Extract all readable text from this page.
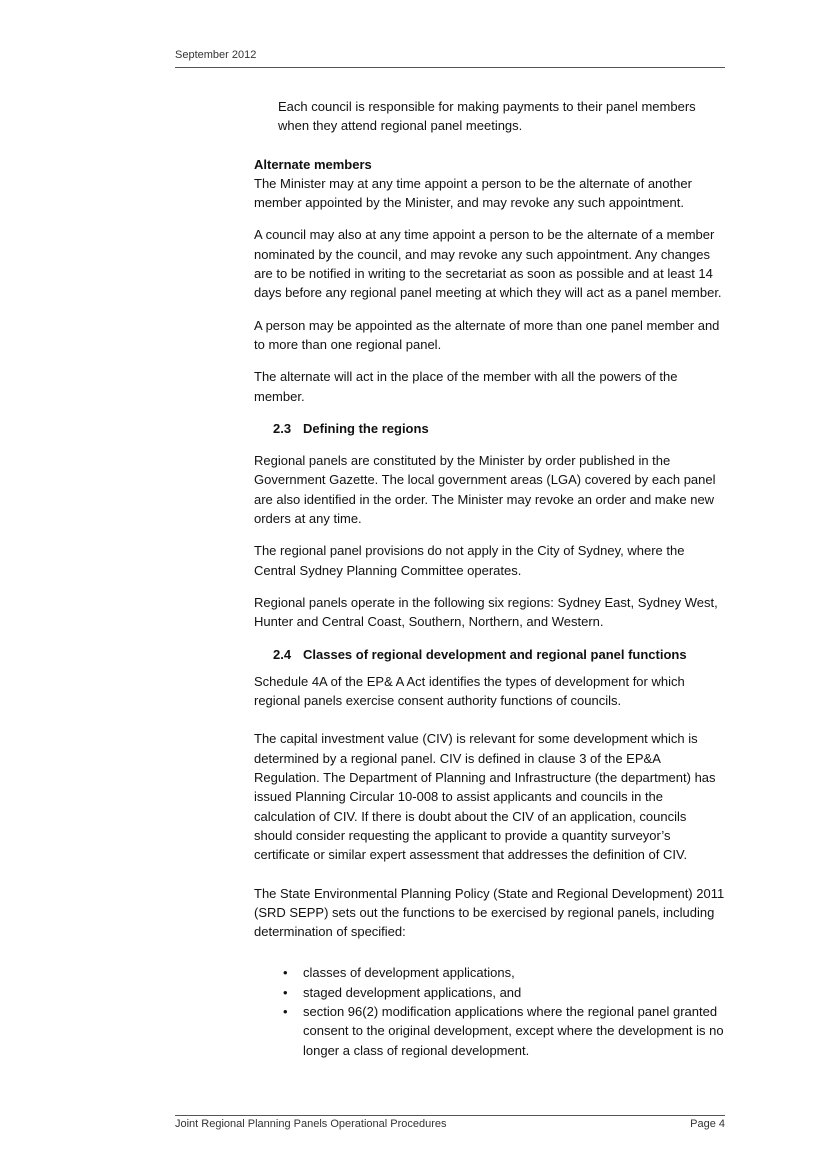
September 2012

Each council is responsible for making payments to their panel members when they attend regional panel meetings.

Alternate members

The Minister may at any time appoint a person to be the alternate of another member appointed by the Minister, and may revoke any such appointment.

A council may also at any time appoint a person to be the alternate of a member nominated by the council, and may revoke any such appointment. Any changes are to be notified in writing to the secretariat as soon as possible and at least 14 days before any regional panel meeting at which they will act as a panel member.

A person may be appointed as the alternate of more than one panel member and to more than one regional panel.

The alternate will act in the place of the member with all the powers of the member.

2.3 Defining the regions

Regional panels are constituted by the Minister by order published in the Government Gazette. The local government areas (LGA) covered by each panel are also identified in the order. The Minister may revoke an order and make new orders at any time.

The regional panel provisions do not apply in the City of Sydney, where the Central Sydney Planning Committee operates.

Regional panels operate in the following six regions: Sydney East, Sydney West, Hunter and Central Coast, Southern, Northern, and Western.

2.4 Classes of regional development and regional panel functions

Schedule 4A of the EP& A Act identifies the types of development for which regional panels exercise consent authority functions of councils.

The capital investment value (CIV) is relevant for some development which is determined by a regional panel. CIV is defined in clause 3 of the EP&A Regulation. The Department of Planning and Infrastructure (the department) has issued Planning Circular 10-008 to assist applicants and councils in the calculation of CIV. If there is doubt about the CIV of an application, councils should consider requesting the applicant to provide a quantity surveyor’s certificate or similar expert assessment that addresses the definition of CIV.

The State Environmental Planning Policy (State and Regional Development) 2011 (SRD SEPP) sets out the functions to be exercised by regional panels, including determination of specified:

• classes of development applications,
• staged development applications, and
• section 96(2) modification applications where the regional panel granted consent to the original development, except where the development is no longer a class of regional development.
Joint Regional Planning Panels Operational Procedures	Page 4
